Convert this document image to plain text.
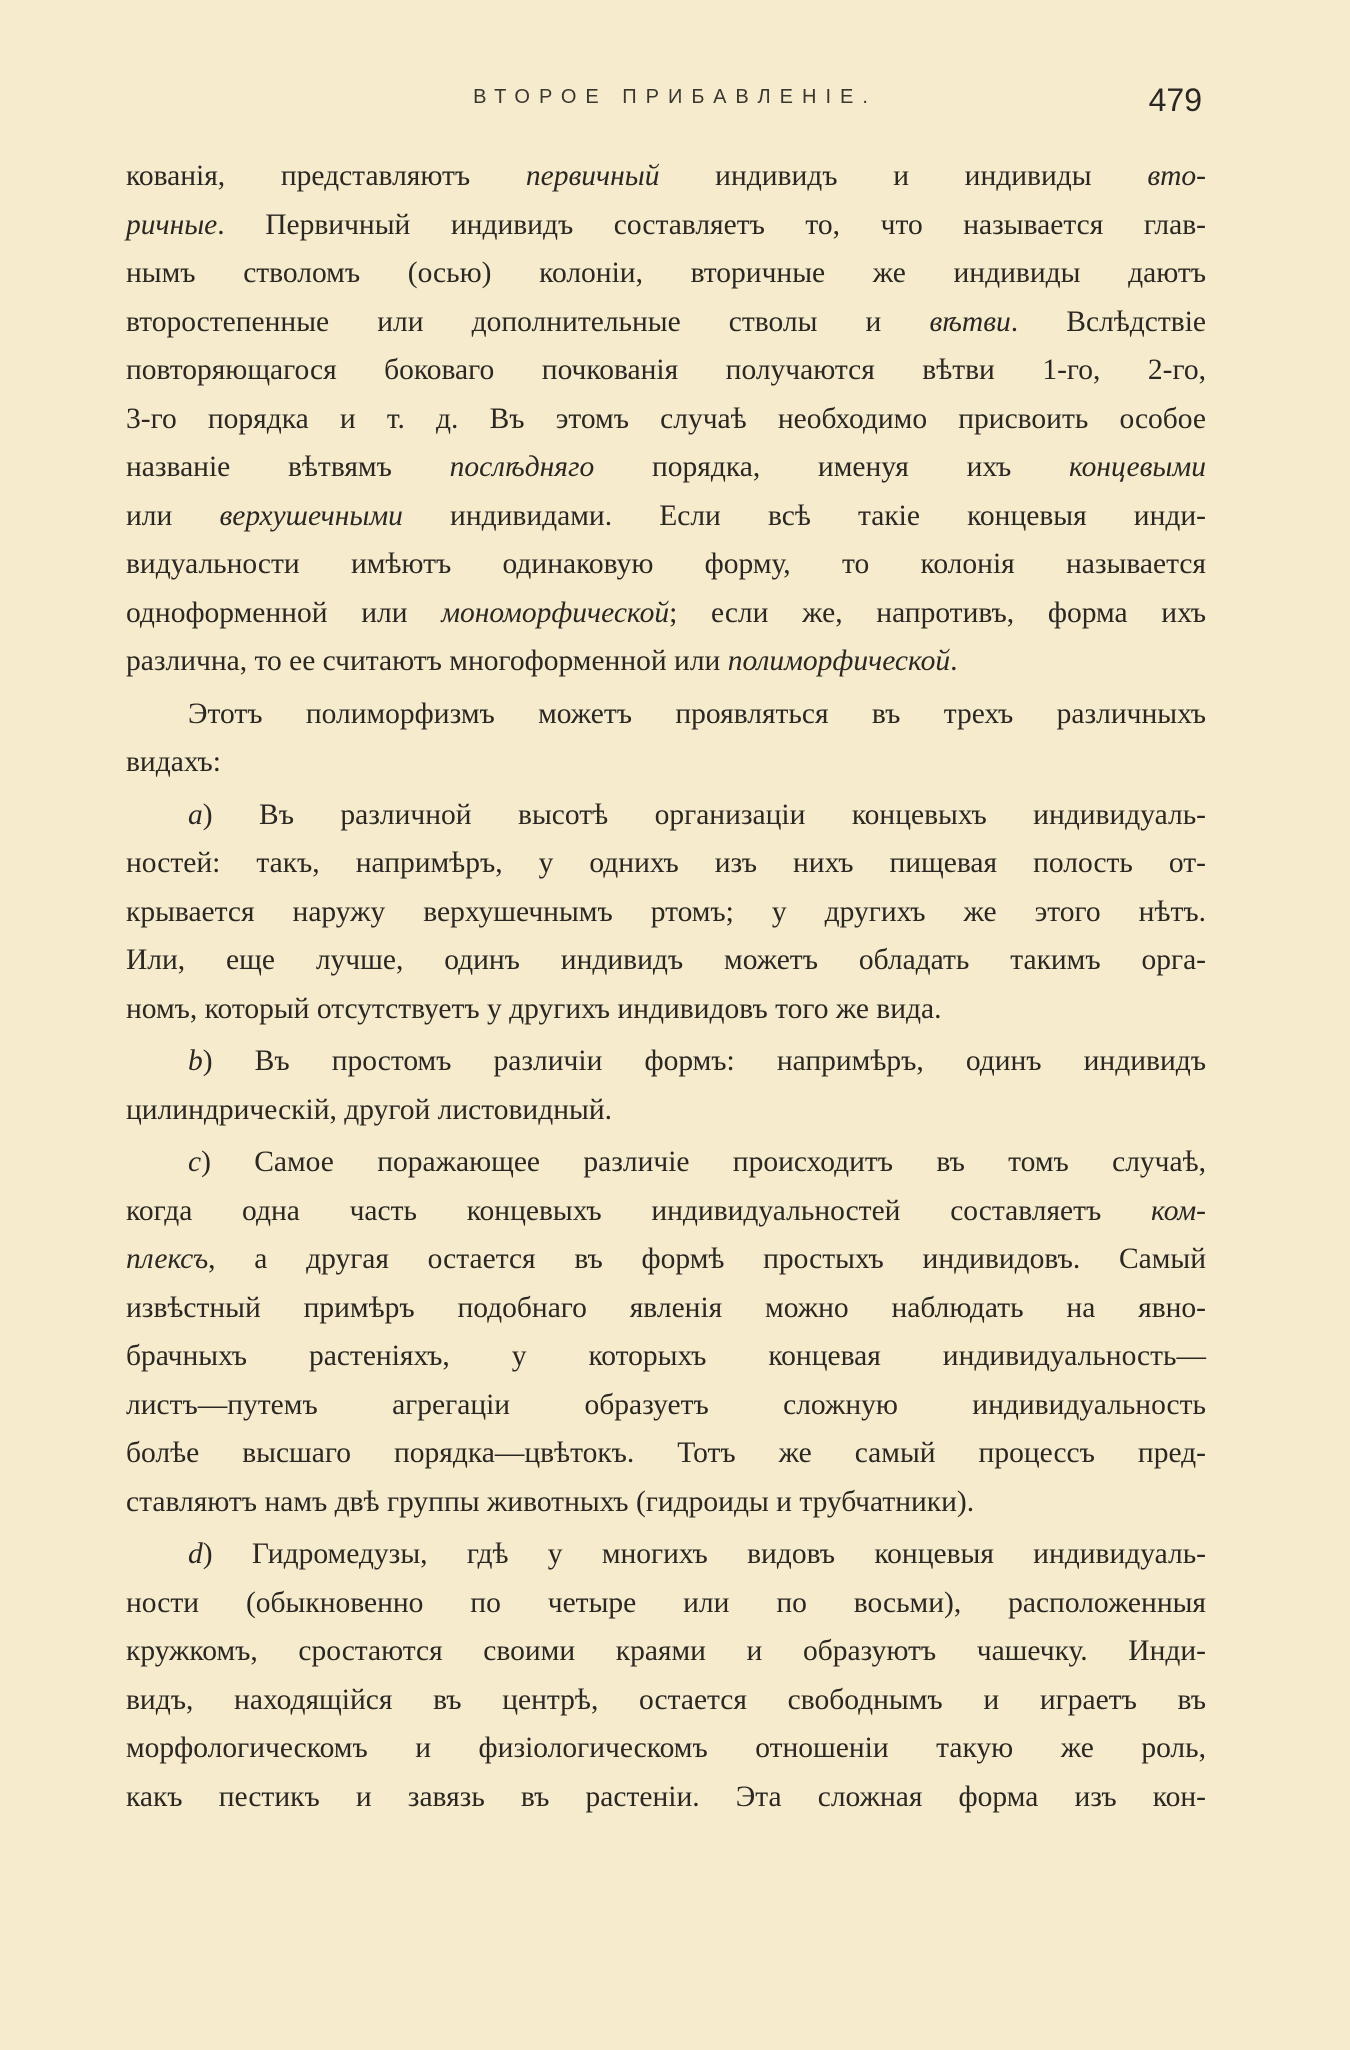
ВТОРОЕ ПРИБАВЛЕНІЕ.	479
кованія, представляютъ первичный индивидъ и индивиды вто-
ричные. Первичный индивидъ составляетъ то, что называется глав-
нымъ стволомъ (осью) колоніи, вторичные же индивиды даютъ
второстепенные или дополнительные стволы и вѣтви. Вслѣдствіе
повторяющагося боковаго почкованія получаются вѣтви 1-го, 2-го,
3-го порядка и т. д. Въ этомъ случаѣ необходимо присвоить особое
названіе вѣтвямъ послѣдняго порядка, именуя ихъ концевыми
или верхушечными индивидами. Если всѣ такіе концевыя инди-
видуальности имѣютъ одинаковую форму, то колонія называется
одноформенной или мономорфической; если же, напротивъ, форма ихъ
различна, то ее считаютъ многоформенной или полиморфической.
Этотъ полиморфизмъ можетъ проявляться въ трехъ различныхъ
видахъ:
a) Въ различной высотѣ организаціи концевыхъ индивидуаль-
ностей: такъ, напримѣръ, у однихъ изъ нихъ пищевая полость от-
крывается наружу верхушечнымъ ртомъ; у другихъ же этого нѣтъ.
Или, еще лучше, одинъ индивидъ можетъ обладать такимъ орга-
номъ, который отсутствуетъ у другихъ индивидовъ того же вида.
b) Въ простомъ различіи формъ: напримѣръ, одинъ индивидъ
цилиндрическій, другой листовидный.
c) Самое поражающее различіе происходитъ въ томъ случаѣ,
когда одна часть концевыхъ индивидуальностей составляетъ ком-
плексъ, а другая остается въ формѣ простыхъ индивидовъ. Самый
извѣстный примѣръ подобнаго явленія можно наблюдать на явно-
брачныхъ растеніяхъ, у которыхъ концевая индивидуальность—
листъ—путемъ агрегаціи образуетъ сложную индивидуальность
болѣе высшаго порядка—цвѣтокъ. Тотъ же самый процессъ пред-
ставляютъ намъ двѣ группы животныхъ (гидроиды и трубчатники).
d) Гидромедузы, гдѣ у многихъ видовъ концевыя индивидуаль-
ности (обыкновенно по четыре или по восьми), расположенныя
кружкомъ, сростаются своими краями и образуютъ чашечку. Инди-
видъ, находящійся въ центрѣ, остается свободнымъ и играетъ въ
морфологическомъ и физіологическомъ отношеніи такую же роль,
какъ пестикъ и завязь въ растеніи. Эта сложная форма изъ кон-
